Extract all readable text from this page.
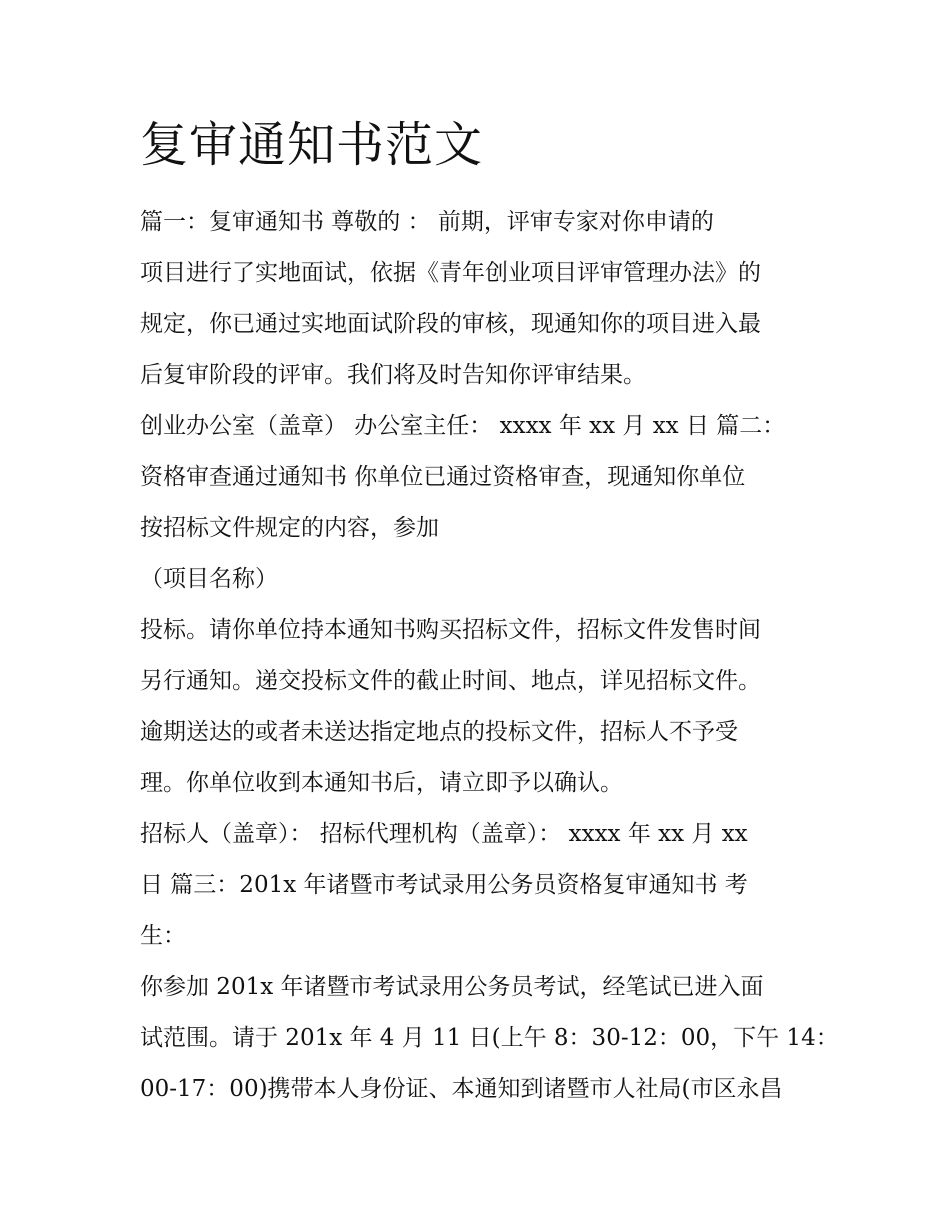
复审通知书范文
篇一：复审通知书 尊敬的 ： 前期，评审专家对你申请的
项目进行了实地面试，依据《青年创业项目评审管理办法》的
规定，你已通过实地面试阶段的审核，现通知你的项目进入最
后复审阶段的评审。我们将及时告知你评审结果。
创业办公室（盖章） 办公室主任： xxxx 年 xx 月 xx 日 篇二：
资格审查通过通知书 你单位已通过资格审查，现通知你单位
按招标文件规定的内容，参加
（项目名称）
投标。请你单位持本通知书购买招标文件，招标文件发售时间
另行通知。递交投标文件的截止时间、地点，详见招标文件。
逾期送达的或者未送达指定地点的投标文件，招标人不予受
理。你单位收到本通知书后，请立即予以确认。
招标人（盖章）： 招标代理机构（盖章）： xxxx 年 xx 月 xx
日 篇三：201x 年诸暨市考试录用公务员资格复审通知书 考
生：
你参加 201x 年诸暨市考试录用公务员考试，经笔试已进入面
试范围。请于 201x 年 4 月 11 日(上午 8：30-12：00，下午 14：
00-17：00)携带本人身份证、本通知到诸暨市人社局(市区永昌
